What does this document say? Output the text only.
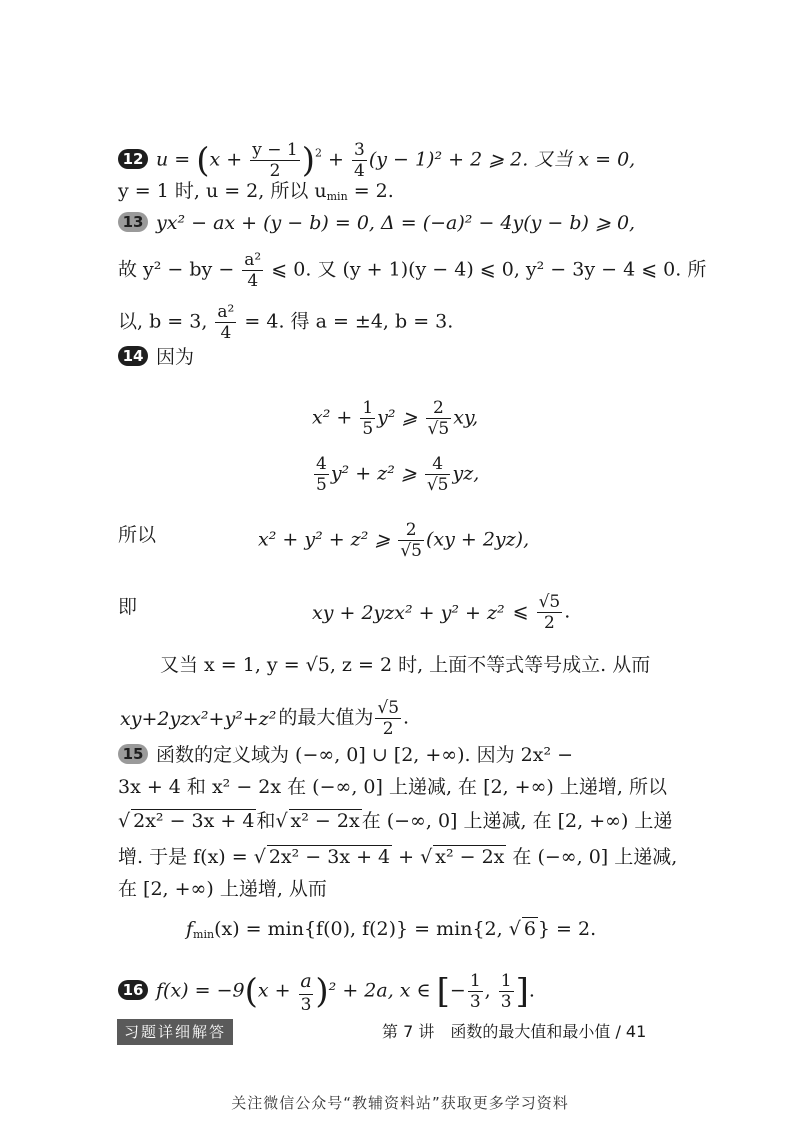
12 $u = (x + \frac{y - 1}{2} )^2 + \frac{3}{4} (y - 1)^2 + 2$ ⩾ 2. 又当 x = 0,
y = 1 时, u = 2, 所以 $u_{min} = 2$.
13 yx² − ax + (y − b) = 0, Δ = (−a)² − 4y(y − b) ⩾ 0,
故 y² − by − $\frac{\text{a²}}{4}$ ⩽ 0. 又 (y + 1)(y − 4) ⩽ 0, y² − 3y − 4 ⩽ 0. 所
以, b = 3, $\frac{\text{a²}}{4} = 4$. 得 a = ±4, b = 3.
14 因为
$x^2 + \frac{1}{5} y^2$ ⩾ $\frac{2}{√5}$ xy,
$\frac{4}{5} y^2 + z^2$ ⩾ $\frac{4}{√5}$ yz,
所以	x² + y² + z² ⩾ $\frac{2}{√5} (xy + 2yz)$,
即	xy + 2yzx² + y² + z² ⩽ $\frac{√5}{2}$ .
又当 x = 1, y = √5, z = 2 时, 上面不等式等号成立. 从而
xy+2yzx²+y²+z² 的最大值为 $\frac{√5}{2}$ .
15 函数的定义域为 (−∞, 0] ∪ [2, +∞). 因为 2x² −
3x + 4 和 x² − 2x 在 (−∞, 0] 上递减, 在 [2, +∞) 上递增, 所以
√ 2x² − 3x + 4 和√ x² − 2x 在 (−∞, 0] 上递减, 在 [2, +∞) 上递
增. 于是 f(x) = √ 2x² − 3x + 4 + √ x² − 2x 在 (−∞, 0] 上递减,
在 [2, +∞) 上递增, 从而
$f_{min}(x) = \min\{f(0)$, f(2)} = min{2, √ 6 } = 2.
16 $f(x) = -9(x + \frac{a}{3} )^2 + 2a$, x ∈ [− $\frac{1}{3}$ , $\frac{1}{3}$ ].
习题详细解答	第 7 讲　函数的最大值和最小值 / 41
关注微信公众号“教辅资料站”获取更多学习资料
